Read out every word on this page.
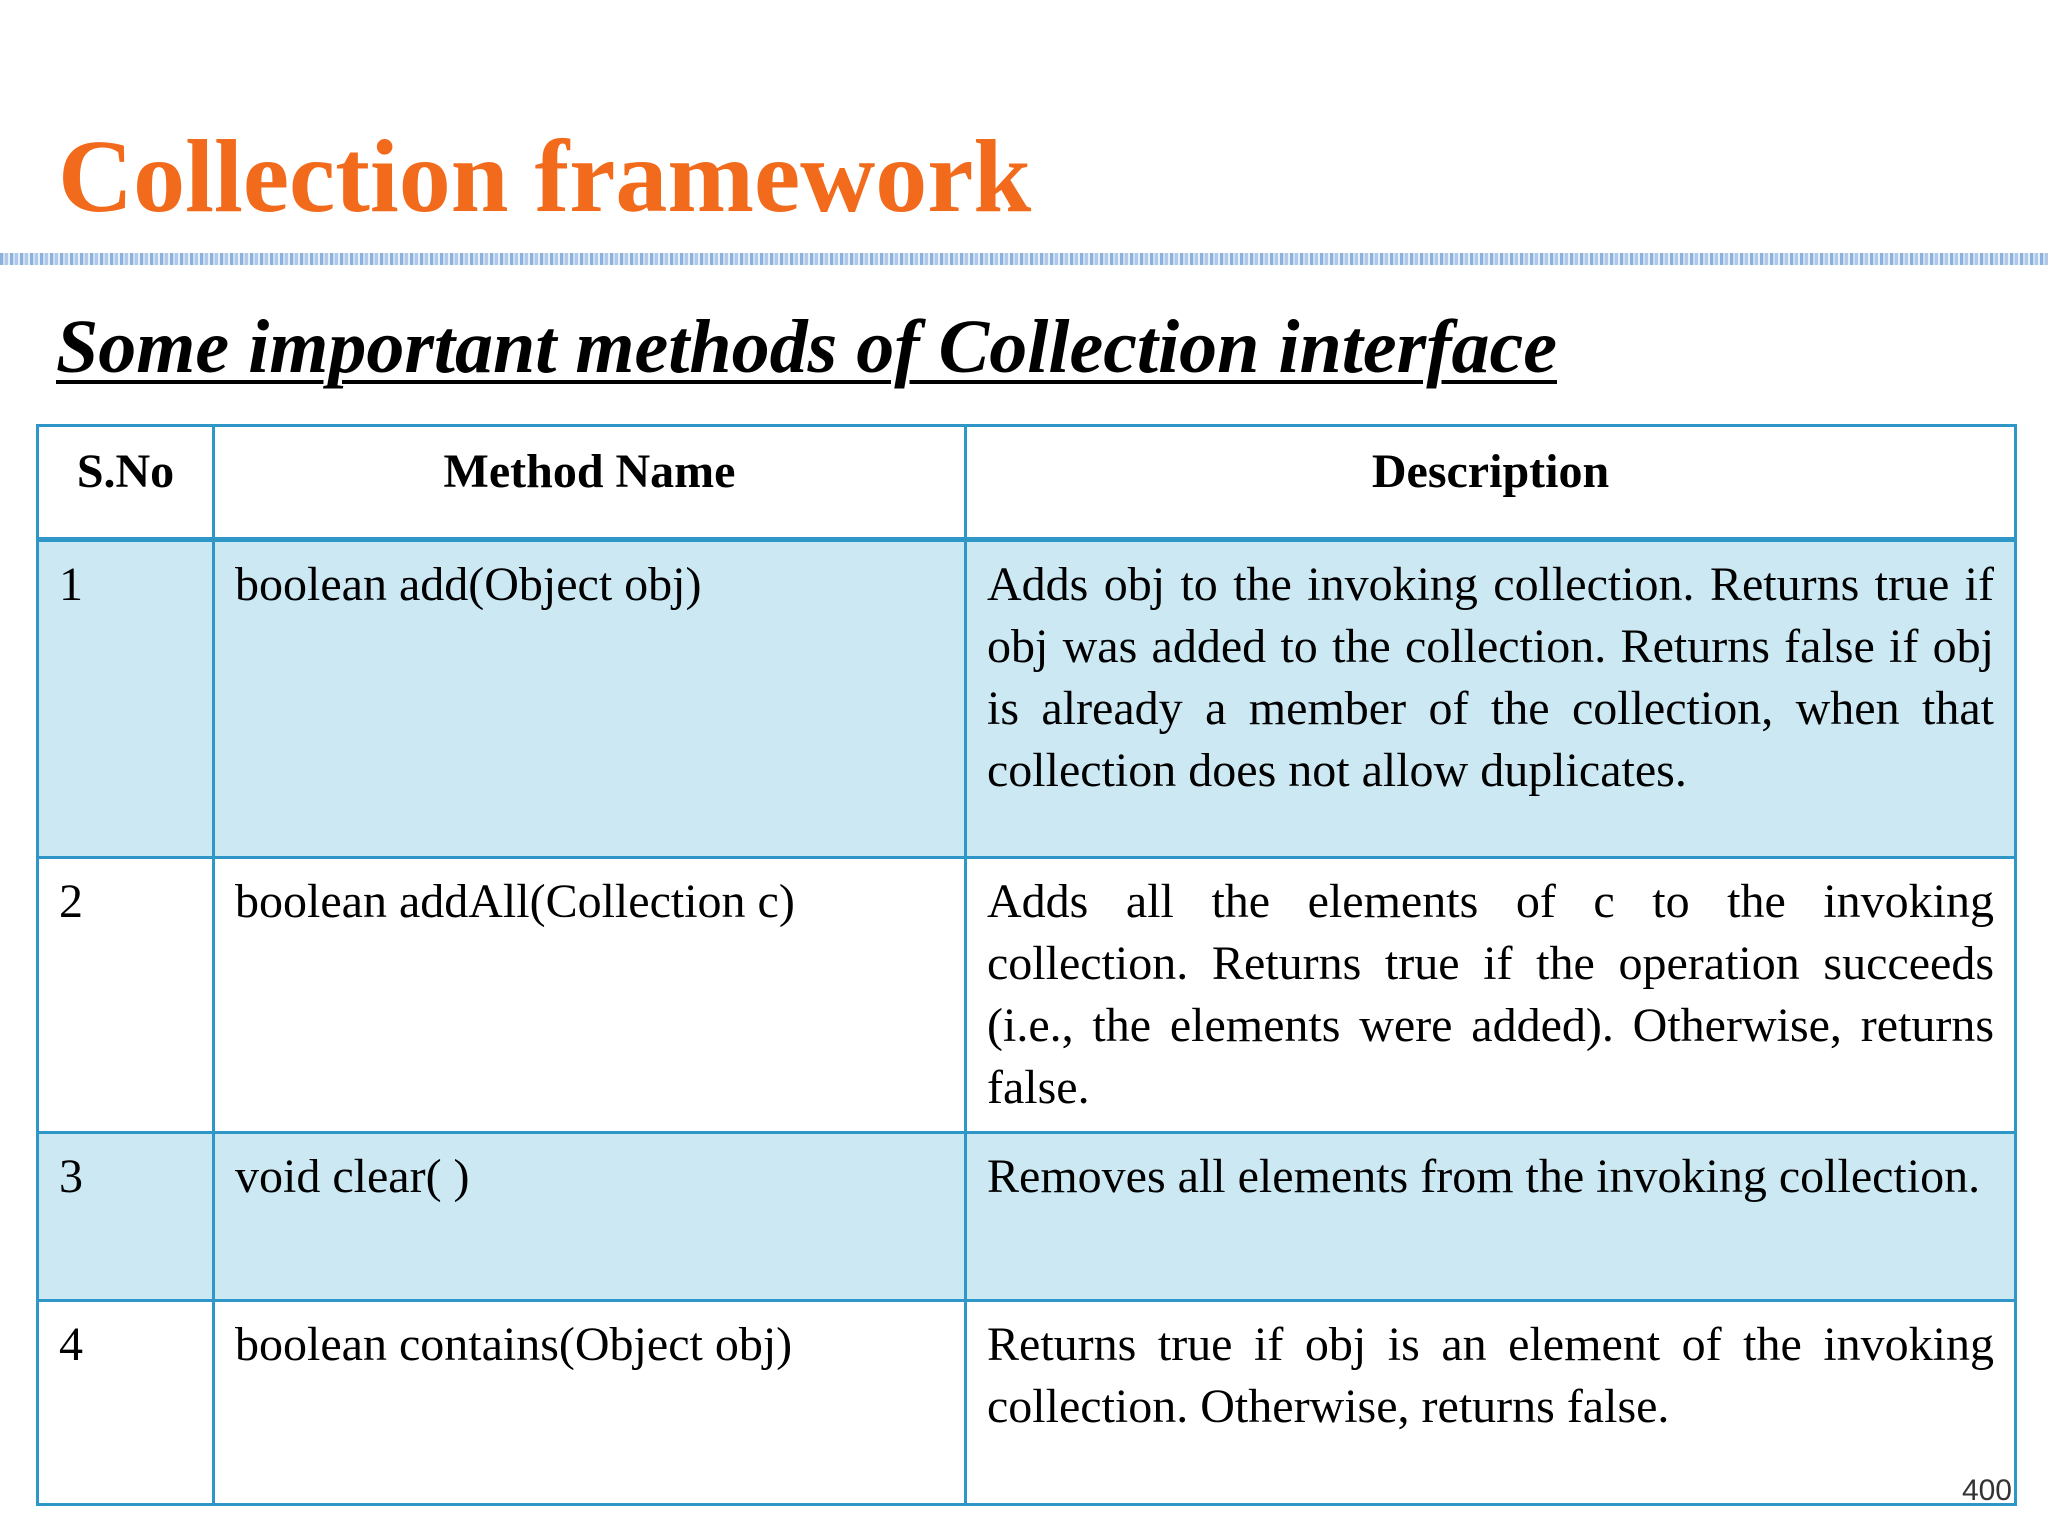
Collection framework
Some important methods of Collection interface
S.No	Method Name	Description
1	boolean add(Object obj)	Adds obj to the invoking collection. Returns true if obj was added to the collection. Returns false if obj is already a member of the collection, when that collection does not allow duplicates.
2	boolean addAll(Collection c)	Adds all the elements of c to the invoking collection. Returns true if the operation succeeds (i.e., the elements were added). Otherwise, returns false.
3	void clear( )	Removes all elements from the invoking collection.
4	boolean contains(Object obj)	Returns true if obj is an element of the invoking collection. Otherwise, returns false.
400
